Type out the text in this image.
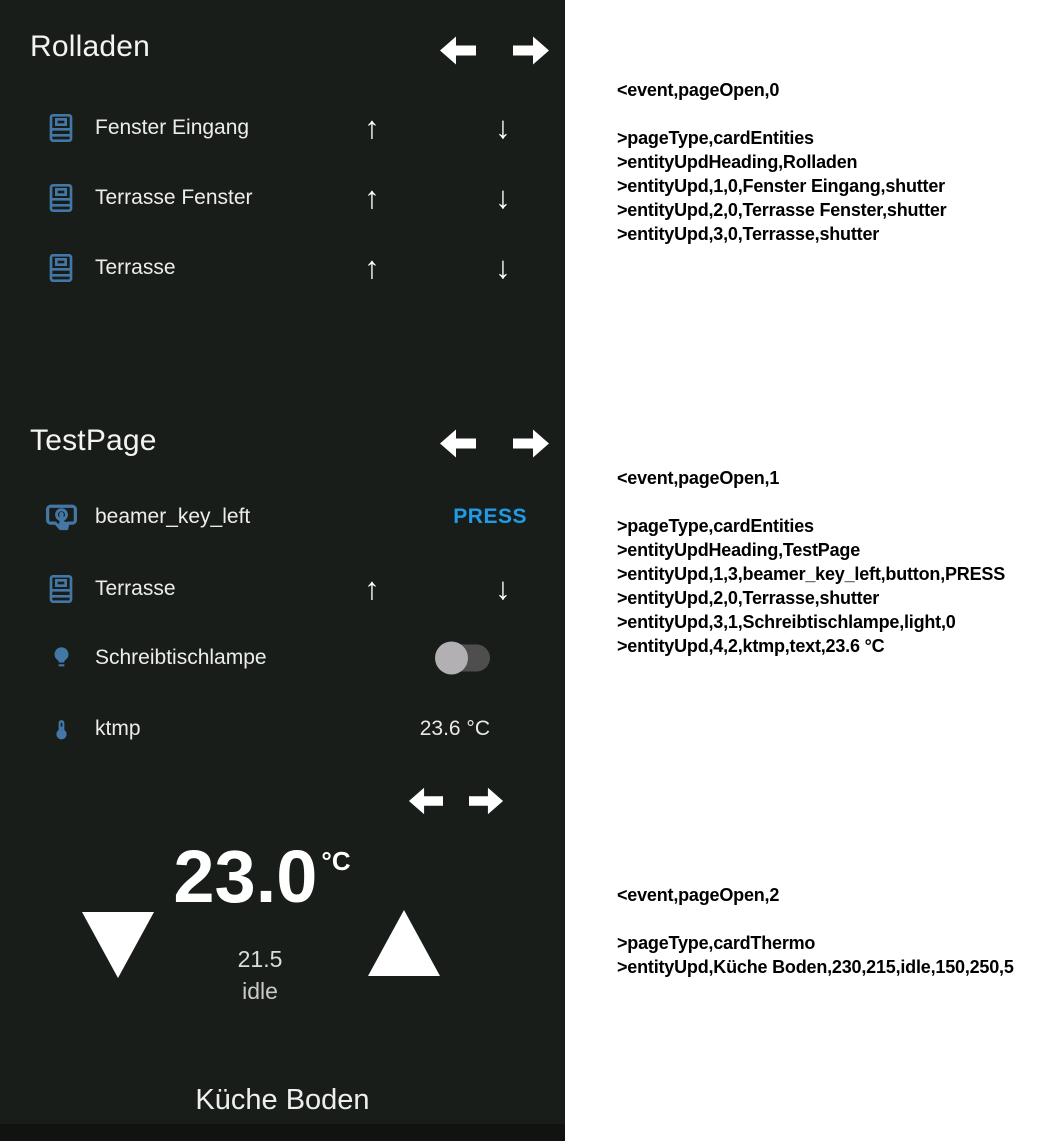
Rolladen
Fenster Eingang	↑	↓
Terrasse Fenster	↑	↓
Terrasse	↑	↓
TestPage
beamer_key_left	PRESS
Terrasse	↑	↓
Schreibtischlampe
ktmp	23.6 °C
23.0 $^{^\circ C}$
21.5
idle
Küche Boden
<event,pageOpen,0
>pageType,cardEntities
>entityUpdHeading,Rolladen
>entityUpd,1,0,Fenster Eingang,shutter
>entityUpd,2,0,Terrasse Fenster,shutter
>entityUpd,3,0,Terrasse,shutter
<event,pageOpen,1
>pageType,cardEntities
>entityUpdHeading,TestPage
>entityUpd,1,3,beamer_key_left,button,PRESS
>entityUpd,2,0,Terrasse,shutter
>entityUpd,3,1,Schreibtischlampe,light,0
>entityUpd,4,2,ktmp,text,23.6 °C
<event,pageOpen,2
>pageType,cardThermo
>entityUpd,Küche Boden,230,215,idle,150,250,5
